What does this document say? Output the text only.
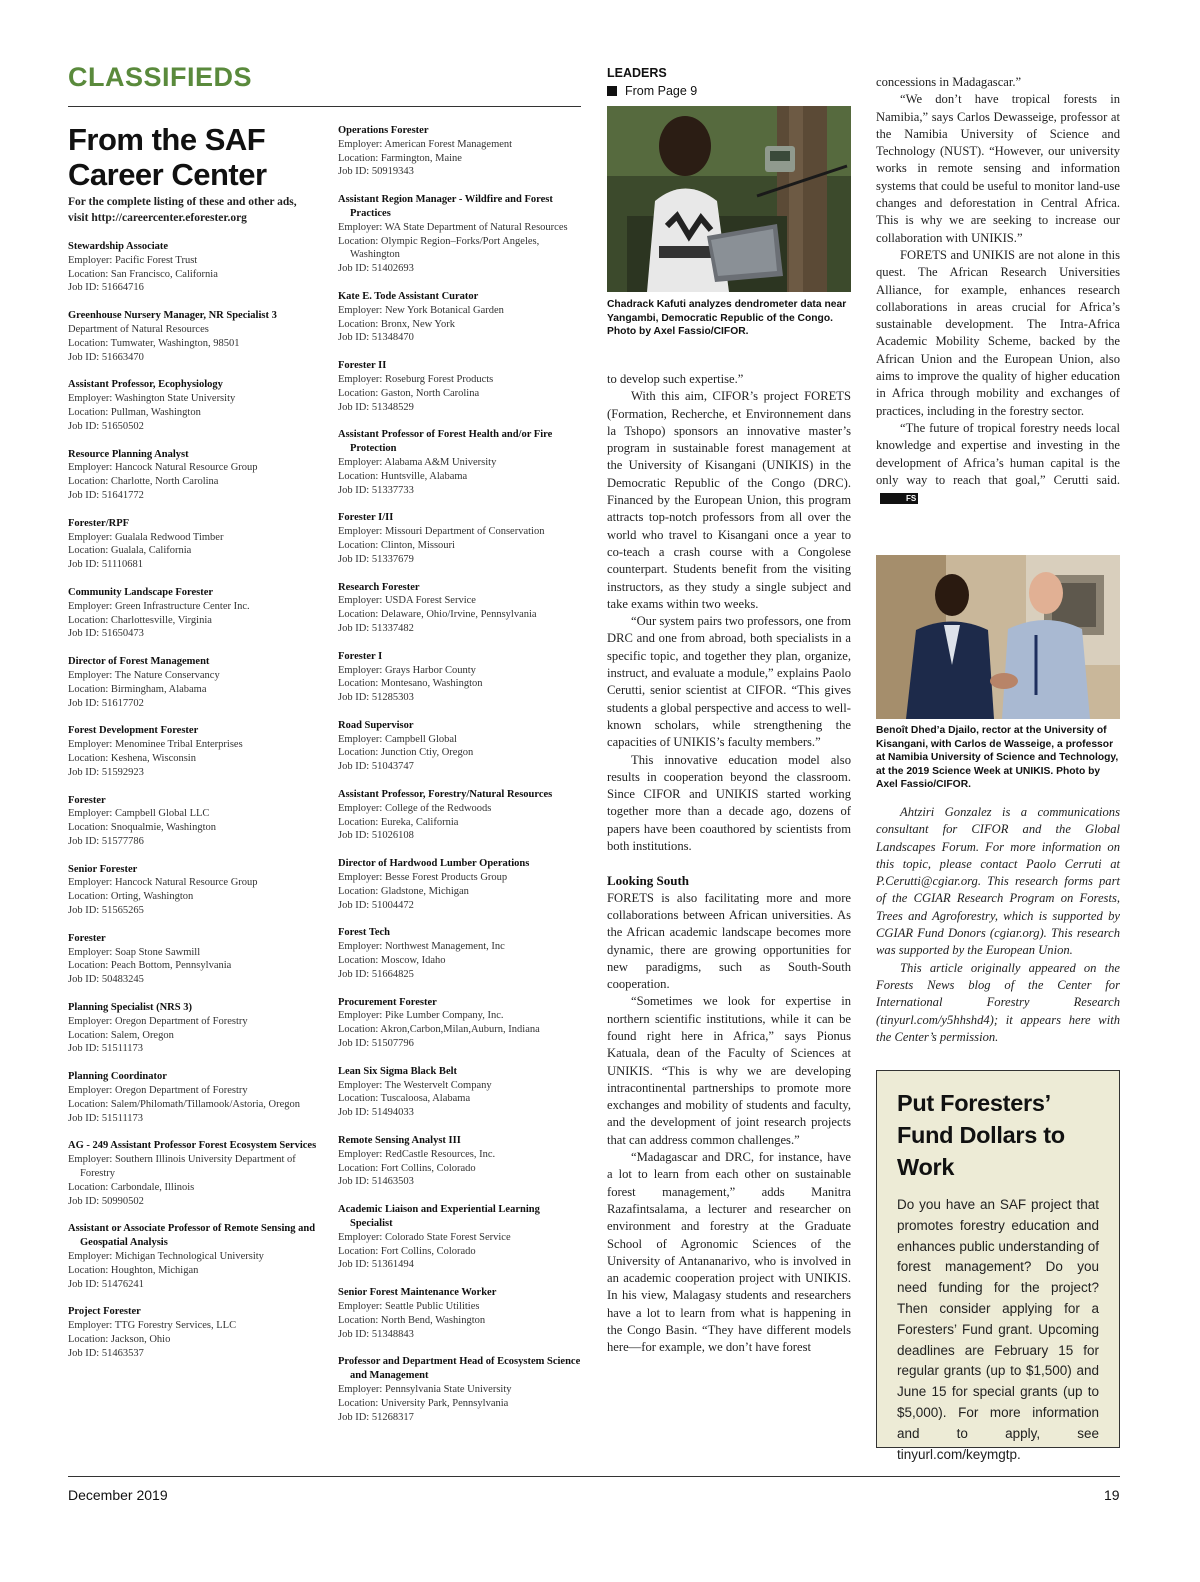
CLASSIFIEDS
From the SAF Career Center
For the complete listing of these and other ads, visit http://careercenter.eforester.org
Stewardship Associate
Employer: Pacific Forest Trust
Location: San Francisco, California
Job ID: 51664716
Greenhouse Nursery Manager, NR Specialist 3
Department of Natural Resources
Location: Tumwater, Washington, 98501
Job ID: 51663470
Assistant Professor, Ecophysiology
Employer: Washington State University
Location: Pullman, Washington
Job ID: 51650502
Resource Planning Analyst
Employer: Hancock Natural Resource Group
Location: Charlotte, North Carolina
Job ID: 51641772
Forester/RPF
Employer: Gualala Redwood Timber
Location: Gualala, California
Job ID: 51110681
Community Landscape Forester
Employer: Green Infrastructure Center Inc.
Location: Charlottesville, Virginia
Job ID: 51650473
Director of Forest Management
Employer: The Nature Conservancy
Location: Birmingham, Alabama
Job ID: 51617702
Forest Development Forester
Employer: Menominee Tribal Enterprises
Location: Keshena, Wisconsin
Job ID: 51592923
Forester
Employer: Campbell Global LLC
Location: Snoqualmie, Washington
Job ID: 51577786
Senior Forester
Employer: Hancock Natural Resource Group
Location: Orting, Washington
Job ID: 51565265
Forester
Employer: Soap Stone Sawmill
Location: Peach Bottom, Pennsylvania
Job ID: 50483245
Planning Specialist (NRS 3)
Employer: Oregon Department of Forestry
Location: Salem, Oregon
Job ID: 51511173
Planning Coordinator
Employer: Oregon Department of Forestry
Location: Salem/Philomath/Tillamook/Astoria, Oregon
Job ID: 51511173
AG - 249 Assistant Professor Forest Ecosystem Services
Employer: Southern Illinois University Department of Forestry
Location: Carbondale, Illinois
Job ID: 50990502
Assistant or Associate Professor of Remote Sensing and Geospatial Analysis
Employer: Michigan Technological University
Location: Houghton, Michigan
Job ID: 51476241
Project Forester
Employer: TTG Forestry Services, LLC
Location: Jackson, Ohio
Job ID: 51463537
Operations Forester
Employer: American Forest Management
Location: Farmington, Maine
Job ID: 50919343
Assistant Region Manager - Wildfire and Forest Practices
Employer: WA State Department of Natural Resources
Location: Olympic Region–Forks/Port Angeles, Washington
Job ID: 51402693
Kate E. Tode Assistant Curator
Employer: New York Botanical Garden
Location: Bronx, New York
Job ID: 51348470
Forester II
Employer: Roseburg Forest Products
Location: Gaston, North Carolina
Job ID: 51348529
Assistant Professor of Forest Health and/or Fire Protection
Employer: Alabama A&M University
Location: Huntsville, Alabama
Job ID: 51337733
Forester I/II
Employer: Missouri Department of Conservation
Location: Clinton, Missouri
Job ID: 51337679
Research Forester
Employer: USDA Forest Service
Location: Delaware, Ohio/Irvine, Pennsylvania
Job ID: 51337482
Forester I
Employer: Grays Harbor County
Location: Montesano, Washington
Job ID: 51285303
Road Supervisor
Employer: Campbell Global
Location: Junction Ctiy, Oregon
Job ID: 51043747
Assistant Professor, Forestry/Natural Resources
Employer: College of the Redwoods
Location: Eureka, California
Job ID: 51026108
Director of Hardwood Lumber Operations
Employer: Besse Forest Products Group
Location: Gladstone, Michigan
Job ID: 51004472
Forest Tech
Employer: Northwest Management, Inc
Location: Moscow, Idaho
Job ID: 51664825
Procurement Forester
Employer: Pike Lumber Company, Inc.
Location: Akron,Carbon,Milan,Auburn, Indiana
Job ID: 51507796
Lean Six Sigma Black Belt
Employer: The Westervelt Company
Location: Tuscaloosa, Alabama
Job ID: 51494033
Remote Sensing Analyst III
Employer: RedCastle Resources, Inc.
Location: Fort Collins, Colorado
Job ID: 51463503
Academic Liaison and Experiential Learning Specialist
Employer: Colorado State Forest Service
Location: Fort Collins, Colorado
Job ID: 51361494
Senior Forest Maintenance Worker
Employer: Seattle Public Utilities
Location: North Bend, Washington
Job ID: 51348843
Professor and Department Head of Ecosystem Science and Management
Employer: Pennsylvania State University
Location: University Park, Pennsylvania
Job ID: 51268317
LEADERS
From Page 9
Chadrack Kafuti analyzes dendrometer data near Yangambi, Democratic Republic of the Congo. Photo by Axel Fassio/CIFOR.

to develop such expertise.”

With this aim, CIFOR’s project FORETS (Formation, Recherche, et Environnement dans la Tshopo) sponsors an innovative master’s program in sustainable forest management at the University of Kisangani (UNIKIS) in the Democratic Republic of the Congo (DRC). Financed by the European Union, this program attracts top-notch professors from all over the world who travel to Kisangani once a year to co-teach a crash course with a Congolese counterpart. Students benefit from the visiting instructors, as they study a single subject and take exams within two weeks.

“Our system pairs two professors, one from DRC and one from abroad, both specialists in a specific topic, and together they plan, organize, instruct, and evaluate a module,” explains Paolo Cerutti, senior scientist at CIFOR. “This gives students a global perspective and access to well-known scholars, while strengthening the capacities of UNIKIS’s faculty members.”

This innovative education model also results in cooperation beyond the classroom. Since CIFOR and UNIKIS started working together more than a decade ago, dozens of papers have been coauthored by scientists from both institutions.

Looking South

FORETS is also facilitating more and more collaborations between African universities. As the African academic landscape becomes more dynamic, there are growing opportunities for new paradigms, such as South-South cooperation.

“Sometimes we look for expertise in northern scientific institutions, while it can be found right here in Africa,” says Pionus Katuala, dean of the Faculty of Sciences at UNIKIS. “This is why we are developing intracontinental partnerships to promote more exchanges and mobility of students and faculty, and the development of joint research projects that can address common challenges.”

“Madagascar and DRC, for instance, have a lot to learn from each other on sustainable forest management,” adds Manitra Razafintsalama, a lecturer and researcher on environment and forestry at the Graduate School of Agronomic Sciences of the University of Antananarivo, who is involved in an academic cooperation project with UNIKIS. In his view, Malagasy students and researchers have a lot to learn from what is happening in the Congo Basin. “They have different models here—for example, we don’t have forest

concessions in Madagascar.”

“We don’t have tropical forests in Namibia,” says Carlos Dewasseige, professor at the Namibia University of Science and Technology (NUST). “However, our university works in remote sensing and information systems that could be useful to monitor land-use changes and deforestation in Central Africa. This is why we are seeking to increase our collaboration with UNIKIS.”

FORETS and UNIKIS are not alone in this quest. The African Research Universities Alliance, for example, enhances research collaborations in areas crucial for Africa’s sustainable development. The Intra-Africa Academic Mobility Scheme, backed by the African Union and the European Union, also aims to improve the quality of higher education in Africa through mobility and exchanges of practices, including in the forestry sector.

“The future of tropical forestry needs local knowledge and expertise and investing in the development of Africa’s human capital is the only way to reach that goal,” Cerutti said.FS

Benoît Dhed’a Djailo, rector at the University of Kisangani, with Carlos de Wasseige, a professor at Namibia University of Science and Technology, at the 2019 Science Week at UNIKIS. Photo by Axel Fassio/CIFOR.

Ahtziri Gonzalez is a communications consultant for CIFOR and the Global Landscapes Forum. For more information on this topic, please contact Paolo Cerruti at P.Cerutti@cgiar.org. This research forms part of the CGIAR Research Program on Forests, Trees and Agroforestry, which is supported by CGIAR Fund Donors (cgiar.org). This research was supported by the European Union.

This article originally appeared on the Forests News blog of the Center for International Forestry Research (tinyurl.com/y5hhshd4); it appears here with the Center’s permission.

Put Foresters’ Fund Dollars to Work
Do you have an SAF project that promotes forestry education and enhances public understanding of forest management? Do you need funding for the project? Then consider applying for a Foresters’ Fund grant. Upcoming deadlines are February 15 for regular grants (up to $1,500) and June 15 for special grants (up to $5,000). For more information and to apply, see tinyurl.com/keymgtp.
December 2019	19
